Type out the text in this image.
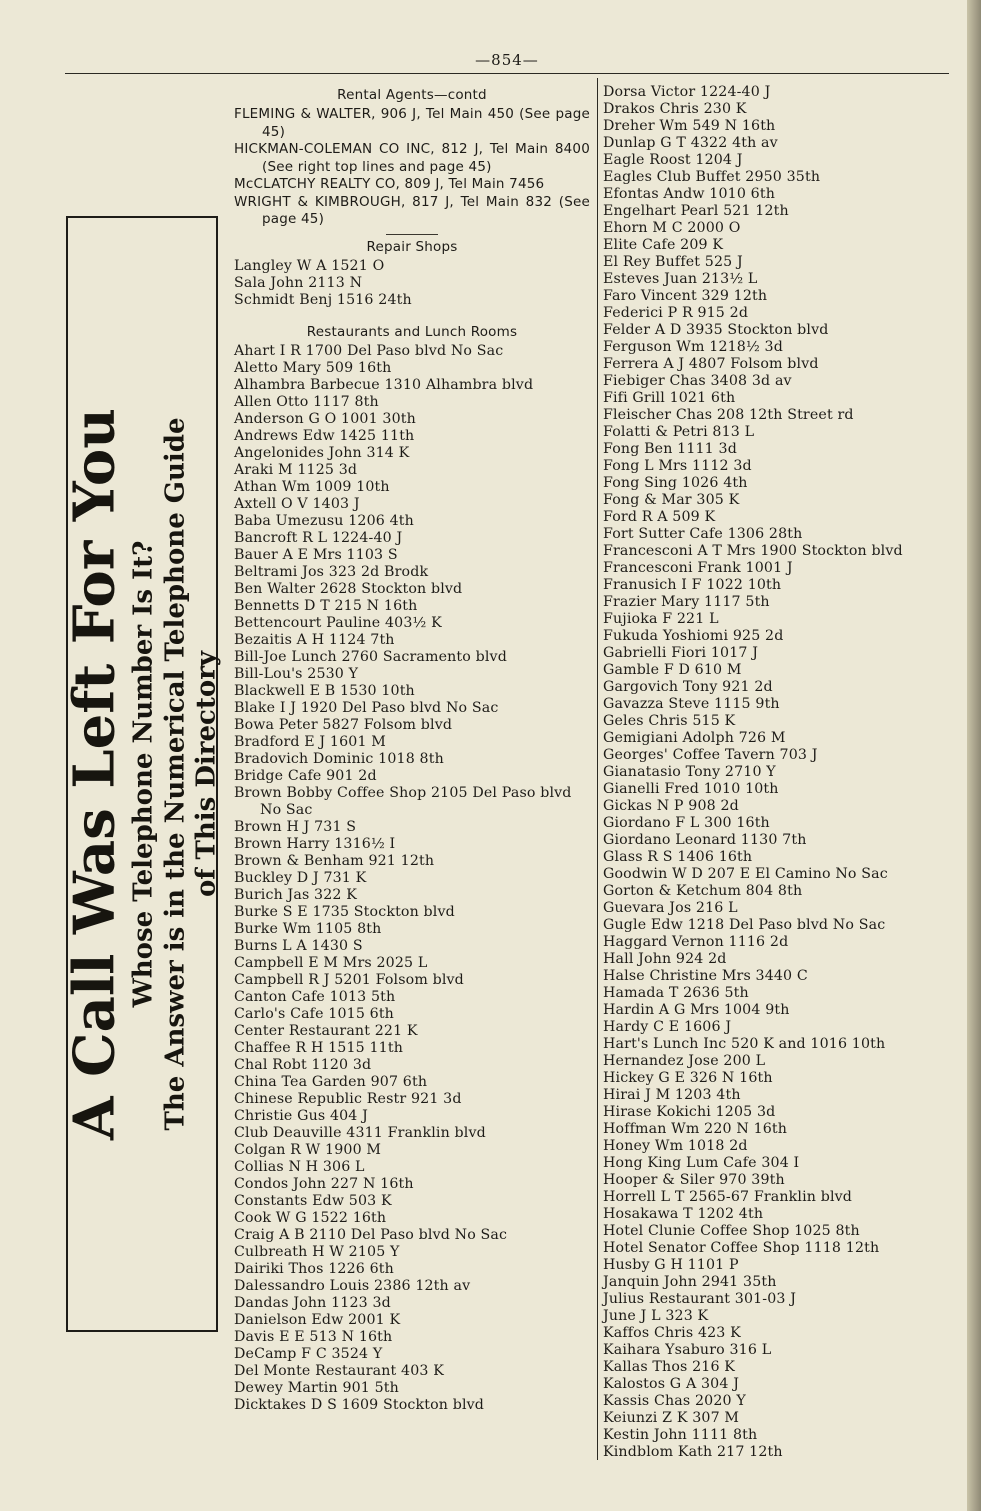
—854—
A Call Was Left For You Whose Telephone Number Is It? The Answer is in the Numerical Telephone Guide of This Directory
Rental Agents—contd
FLEMING & WALTER, 906 J, Tel Main 450 (See page 45)
HICKMAN-COLEMAN CO INC, 812 J, Tel Main 8400 (See right top lines and page 45)
McCLATCHY REALTY CO, 809 J, Tel Main 7456
WRIGHT & KIMBROUGH, 817 J, Tel Main 832 (See page 45)
Repair Shops
Langley W A 1521 O
Sala John 2113 N
Schmidt Benj 1516 24th
Restaurants and Lunch Rooms
Ahart I R 1700 Del Paso blvd No Sac
Aletto Mary 509 16th
Alhambra Barbecue 1310 Alhambra blvd
Allen Otto 1117 8th
Anderson G O 1001 30th
Andrews Edw 1425 11th
Angelonides John 314 K
Araki M 1125 3d
Athan Wm 1009 10th
Axtell O V 1403 J
Baba Umezusu 1206 4th
Bancroft R L 1224-40 J
Bauer A E Mrs 1103 S
Beltrami Jos 323 2d Brodk
Ben Walter 2628 Stockton blvd
Bennetts D T 215 N 16th
Bettencourt Pauline 403½ K
Bezaitis A H 1124 7th
Bill-Joe Lunch 2760 Sacramento blvd
Bill-Lou's 2530 Y
Blackwell E B 1530 10th
Blake I J 1920 Del Paso blvd No Sac
Bowa Peter 5827 Folsom blvd
Bradford E J 1601 M
Bradovich Dominic 1018 8th
Bridge Cafe 901 2d
Brown Bobby Coffee Shop 2105 Del Paso blvd No Sac
Brown H J 731 S
Brown Harry 1316½ I
Brown & Benham 921 12th
Buckley D J 731 K
Burich Jas 322 K
Burke S E 1735 Stockton blvd
Burke Wm 1105 8th
Burns L A 1430 S
Campbell E M Mrs 2025 L
Campbell R J 5201 Folsom blvd
Canton Cafe 1013 5th
Carlo's Cafe 1015 6th
Center Restaurant 221 K
Chaffee R H 1515 11th
Chal Robt 1120 3d
China Tea Garden 907 6th
Chinese Republic Restr 921 3d
Christie Gus 404 J
Club Deauville 4311 Franklin blvd
Colgan R W 1900 M
Collias N H 306 L
Condos John 227 N 16th
Constants Edw 503 K
Cook W G 1522 16th
Craig A B 2110 Del Paso blvd No Sac
Culbreath H W 2105 Y
Dairiki Thos 1226 6th
Dalessandro Louis 2386 12th av
Dandas John 1123 3d
Danielson Edw 2001 K
Davis E E 513 N 16th
DeCamp F C 3524 Y
Del Monte Restaurant 403 K
Dewey Martin 901 5th
Dicktakes D S 1609 Stockton blvd
Dorsa Victor 1224-40 J
Drakos Chris 230 K
Dreher Wm 549 N 16th
Dunlap G T 4322 4th av
Eagle Roost 1204 J
Eagles Club Buffet 2950 35th
Efontas Andw 1010 6th
Engelhart Pearl 521 12th
Ehorn M C 2000 O
Elite Cafe 209 K
El Rey Buffet 525 J
Esteves Juan 213½ L
Faro Vincent 329 12th
Federici P R 915 2d
Felder A D 3935 Stockton blvd
Ferguson Wm 1218½ 3d
Ferrera A J 4807 Folsom blvd
Fiebiger Chas 3408 3d av
Fifi Grill 1021 6th
Fleischer Chas 208 12th Street rd
Folatti & Petri 813 L
Fong Ben 1111 3d
Fong L Mrs 1112 3d
Fong Sing 1026 4th
Fong & Mar 305 K
Ford R A 509 K
Fort Sutter Cafe 1306 28th
Francesconi A T Mrs 1900 Stockton blvd
Francesconi Frank 1001 J
Franusich I F 1022 10th
Frazier Mary 1117 5th
Fujioka F 221 L
Fukuda Yoshiomi 925 2d
Gabrielli Fiori 1017 J
Gamble F D 610 M
Gargovich Tony 921 2d
Gavazza Steve 1115 9th
Geles Chris 515 K
Gemigiani Adolph 726 M
Georges' Coffee Tavern 703 J
Gianatasio Tony 2710 Y
Gianelli Fred 1010 10th
Gickas N P 908 2d
Giordano F L 300 16th
Giordano Leonard 1130 7th
Glass R S 1406 16th
Goodwin W D 207 E El Camino No Sac
Gorton & Ketchum 804 8th
Guevara Jos 216 L
Gugle Edw 1218 Del Paso blvd No Sac
Haggard Vernon 1116 2d
Hall John 924 2d
Halse Christine Mrs 3440 C
Hamada T 2636 5th
Hardin A G Mrs 1004 9th
Hardy C E 1606 J
Hart's Lunch Inc 520 K and 1016 10th
Hernandez Jose 200 L
Hickey G E 326 N 16th
Hirai J M 1203 4th
Hirase Kokichi 1205 3d
Hoffman Wm 220 N 16th
Honey Wm 1018 2d
Hong King Lum Cafe 304 I
Hooper & Siler 970 39th
Horrell L T 2565-67 Franklin blvd
Hosakawa T 1202 4th
Hotel Clunie Coffee Shop 1025 8th
Hotel Senator Coffee Shop 1118 12th
Husby G H 1101 P
Janquin John 2941 35th
Julius Restaurant 301-03 J
June J L 323 K
Kaffos Chris 423 K
Kaihara Ysaburo 316 L
Kallas Thos 216 K
Kalostos G A 304 J
Kassis Chas 2020 Y
Keiunzi Z K 307 M
Kestin John 1111 8th
Kindblom Kath 217 12th
